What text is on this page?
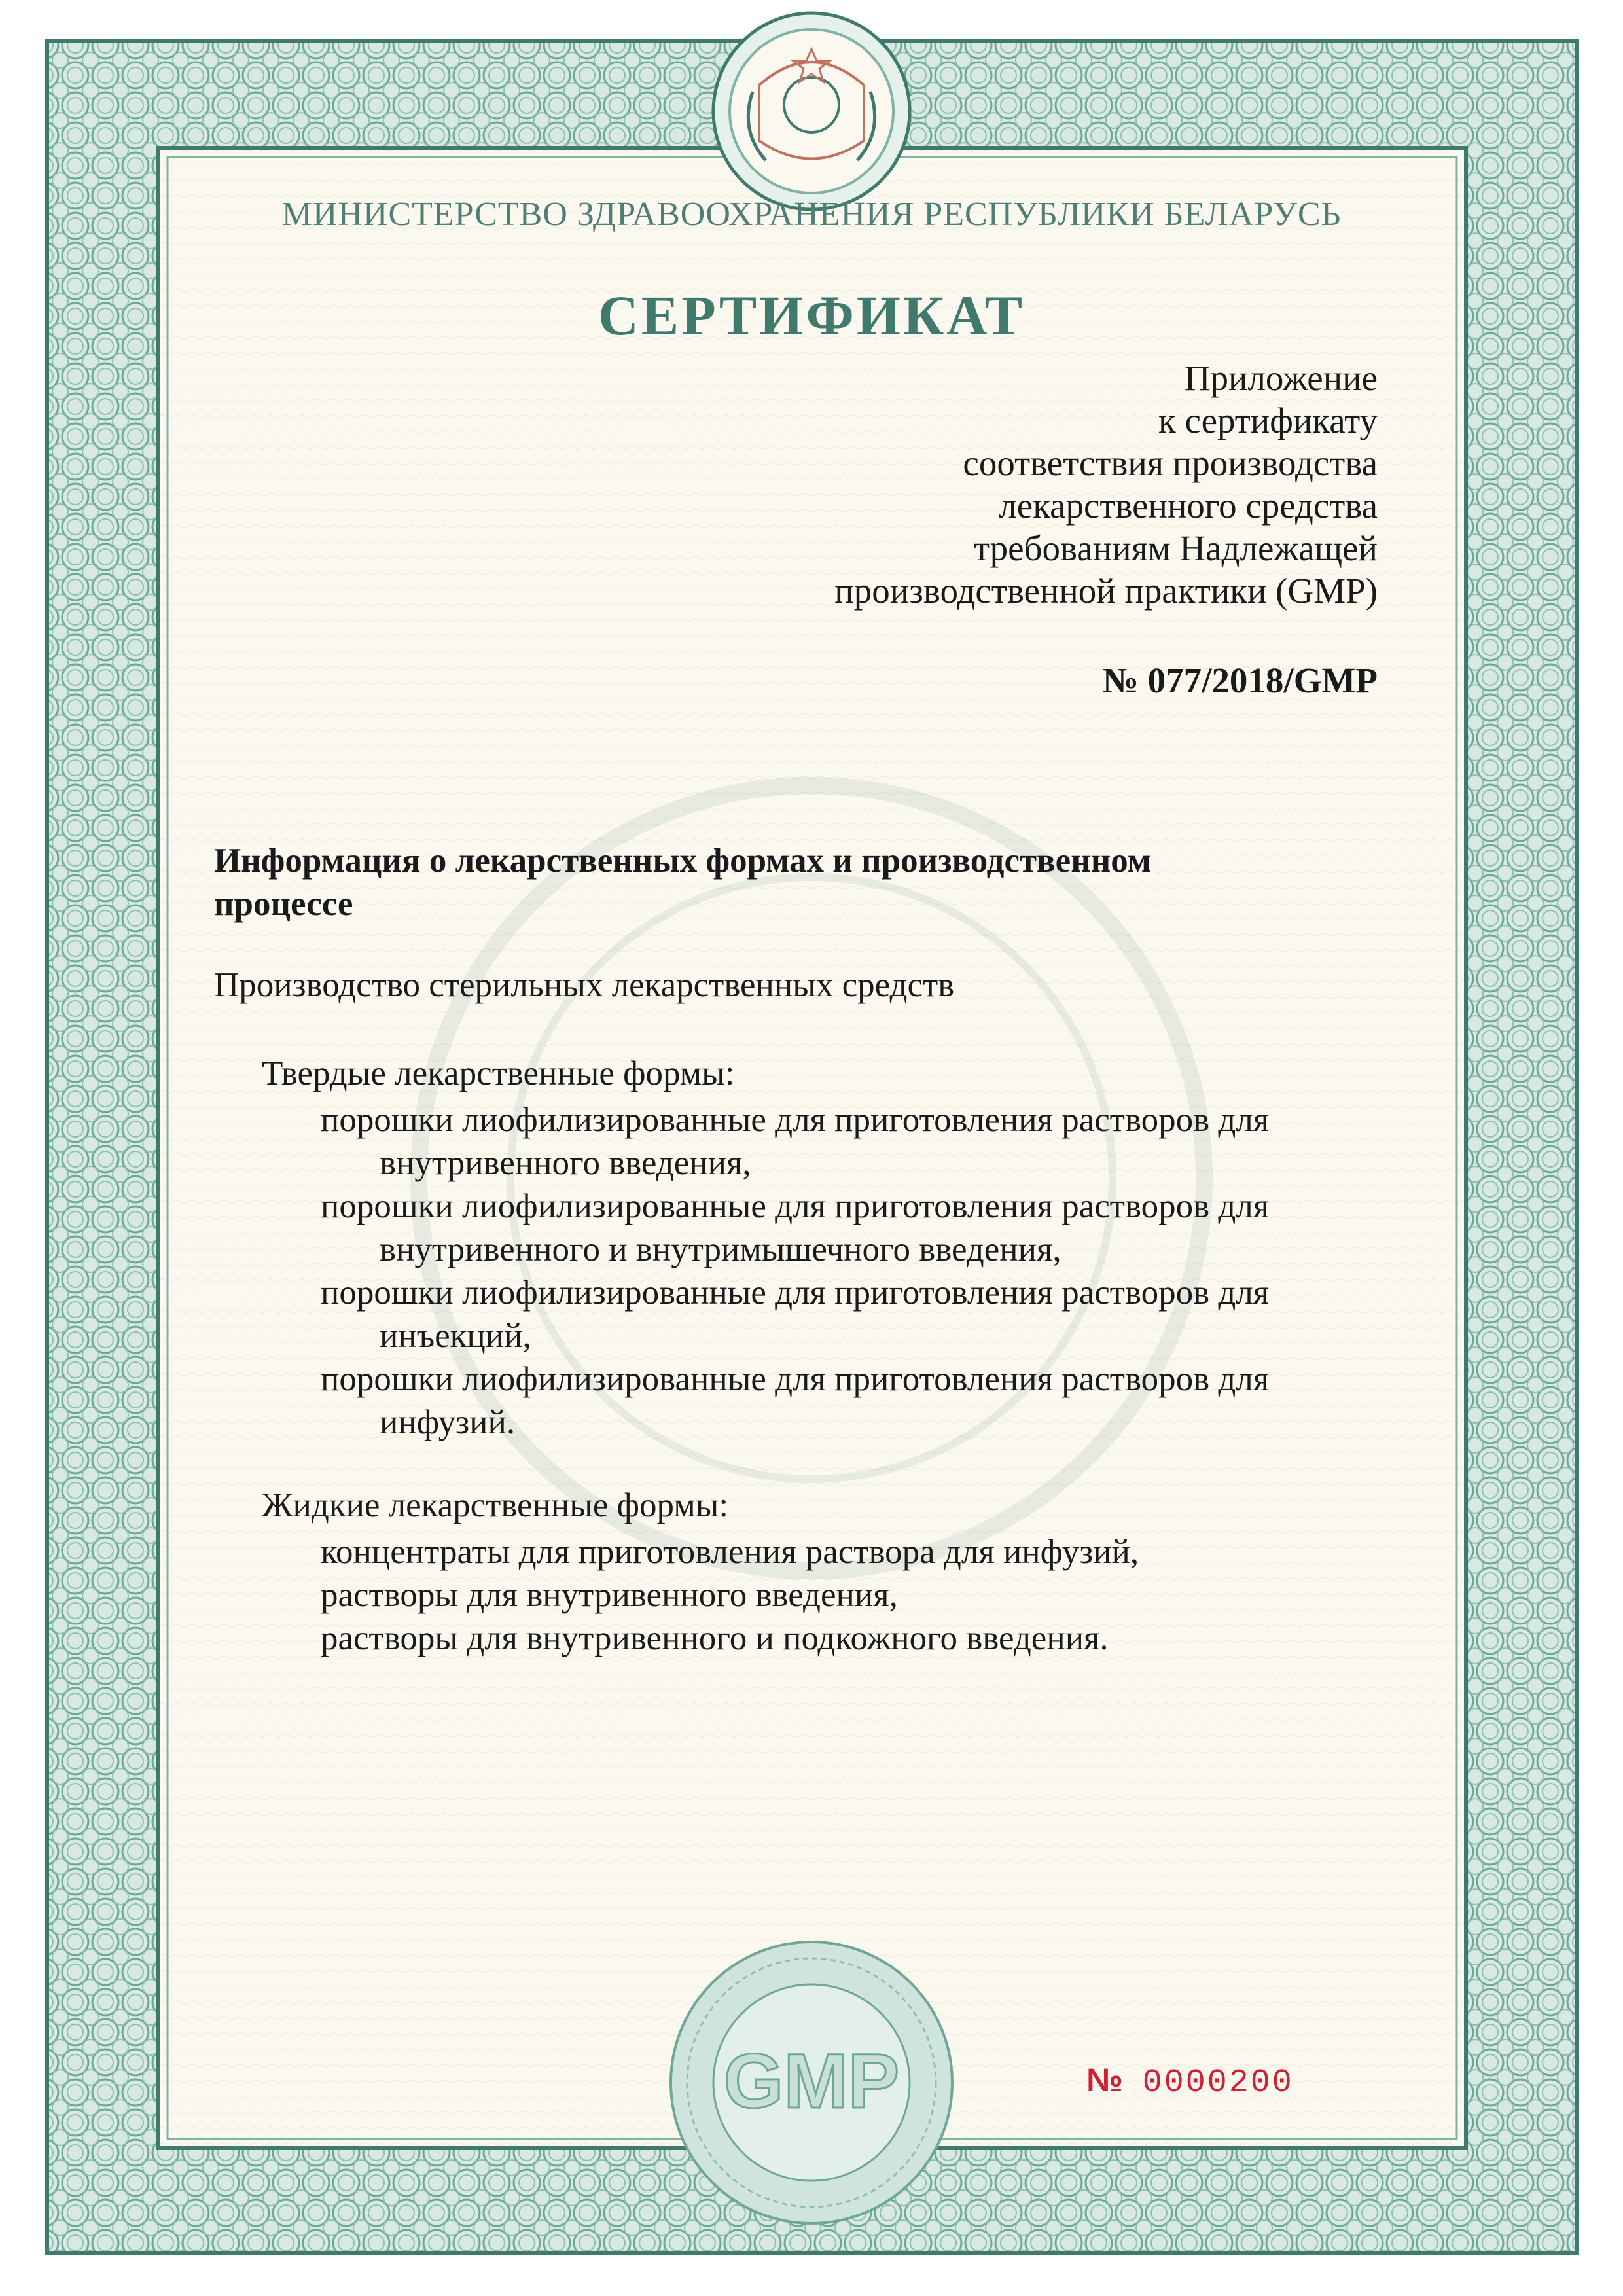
GMP
МИНИСТЕРСТВО ЗДРАВООХРАНЕНИЯ РЕСПУБЛИКИ БЕЛАРУСЬ
СЕРТИФИКАТ
Приложение
к сертификату
соответствия производства
лекарственного средства
требованиям Надлежащей
производственной практики (GMP)
№ 077/2018/GMP
Информация о лекарственных формах и производственном
процессе
Производство стерильных лекарственных средств
Твердые лекарственные формы:
порошки лиофилизированные для приготовления растворов для
внутривенного введения,
порошки лиофилизированные для приготовления растворов для
внутривенного и внутримышечного введения,
порошки лиофилизированные для приготовления растворов для
инъекций,
порошки лиофилизированные для приготовления растворов для
инфузий.
Жидкие лекарственные формы:
концентраты для приготовления раствора для инфузий,
растворы для внутривенного введения,
растворы для внутривенного и подкожного введения.
№ 0000200
